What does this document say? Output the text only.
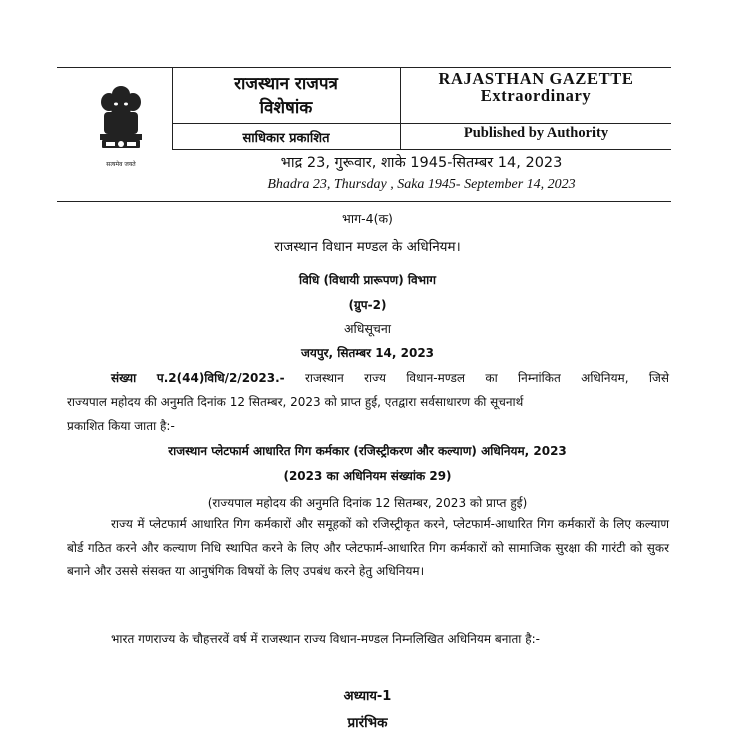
सत्यमेव जयते
राजस्थान राजपत्र
विशेषांक
RAJASTHAN GAZETTE
Extraordinary
साधिकार प्रकाशित	Published by Authority
भाद्र 23, गुरूवार, शाके 1945-सितम्बर 14, 2023
Bhadra 23, Thursday , Saka 1945- September 14, 2023
भाग-4(क)
राजस्थान विधान मण्डल के अधिनियम।
विधि (विधायी प्रारूपण) विभाग
(ग्रुप-2)
अधिसूचना
जयपुर, सितम्बर 14, 2023
संख्या प.2(44)विधि/2/2023.- राजस्थान राज्य विधान-मण्डल का निम्नांकित अधिनियम, जिसे
राज्यपाल महोदय की अनुमति दिनांक 12 सितम्बर, 2023 को प्राप्त हुई, एतद्वारा सर्वसाधारण की सूचनार्थ
प्रकाशित किया जाता है:-
राजस्थान प्लेटफार्म आधारित गिग कर्मकार (रजिस्ट्रीकरण और कल्याण) अधिनियम, 2023
(2023 का अधिनियम संख्यांक 29)
(राज्यपाल महोदय की अनुमति दिनांक 12 सितम्बर, 2023 को प्राप्त हुई)
राज्य में प्लेटफार्म आधारित गिग कर्मकारों और समूहकों को रजिस्ट्रीकृत करने, प्लेटफार्म-आधारित गिग कर्मकारों के लिए कल्याण बोर्ड गठित करने और कल्याण निधि स्थापित करने के लिए और प्लेटफार्म-आधारित गिग कर्मकारों को सामाजिक सुरक्षा की गारंटी को सुकर बनाने और उससे संसक्त या आनुषंगिक विषयों के लिए उपबंध करने हेतु अधिनियम।
भारत गणराज्य के चौहत्तरवें वर्ष में राजस्थान राज्य विधान-मण्डल निम्नलिखित अधिनियम बनाता है:-
अध्याय-1
प्रारंभिक
